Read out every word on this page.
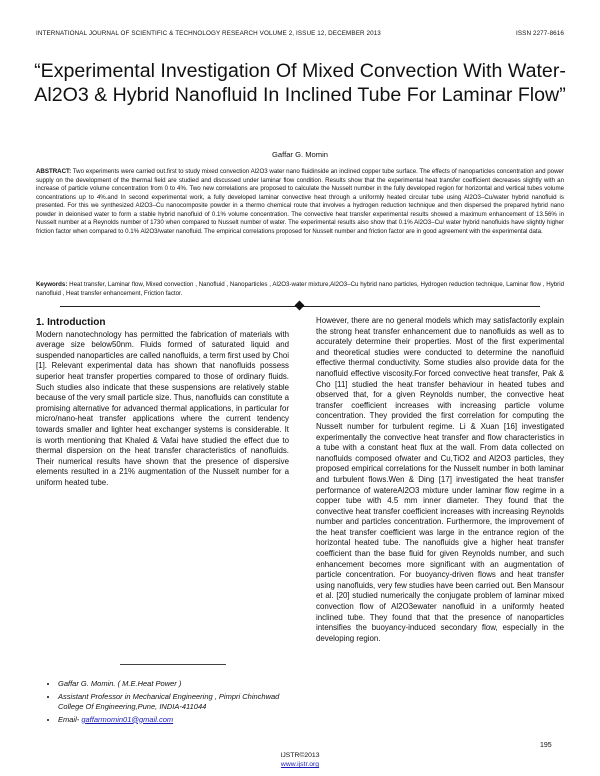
INTERNATIONAL JOURNAL OF SCIENTIFIC & TECHNOLOGY RESEARCH VOLUME 2, ISSUE 12, DECEMBER 2013	ISSN 2277-8616
“Experimental Investigation Of Mixed Convection With Water-Al2O3 & Hybrid Nanofluid In Inclined Tube For Laminar Flow”
Gaffar G. Momin
ABSTRACT: Two experiments were carried out.first to study mixed convection Al2O3 water nano fluidinside an inclined copper tube surface. The effects of nanoparticles concentration and power supply on the development of the thermal field are studied and discussed under laminar flow condition. Results show that the experimental heat transfer coefficient decreases slightly with an increase of particle volume concentration from 0 to 4%. Two new correlations are proposed to calculate the Nusselt number in the fully developed region for horizontal and vertical tubes volume concentrations up to 4%.and In second experimental work, a fully developed laminar convective heat through a uniformly heated circular tube using Al2O3–Cu/water hybrid nanofluid is presented. For this we synthesized Al2O3–Cu nanocomposite powder in a thermo chemical route that involves a hydrogen reduction technique and then dispersed the prepared hybrid nano powder in deionised water to form a stable hybrid nanofluid of 0.1% volume concentration. The convective heat transfer experimental results showed a maximum enhancement of 13.56% in Nusselt number at a Reynolds number of 1730 when compared to Nusselt number of water. The experimental results also show that 0.1% Al2O3–Cu/ water hybrid nanofluids have slightly higher friction factor when compared to 0.1% Al2O3/water nanofluid. The empirical correlations proposed for Nusselt number and friction factor are in good agreement with the experimental data.
Keywords: Heat transfer, Laminar flow, Mixed convection , Nanofluid , Nanoparticles , Al2O3-water mixture,Al2O3–Cu hybrid nano particles, Hydrogen reduction technique, Laminar flow , Hybrid nanofluid , Heat transfer enhancement, Friction factor.
1. Introduction
Modern nanotechnology has permitted the fabrication of materials with average size below50nm. Fluids formed of saturated liquid and suspended nanoparticles are called nanofluids, a term first used by Choi [1]. Relevant experimental data has shown that nanofluids possess superior heat transfer properties compared to those of ordinary fluids. Such studies also indicate that these suspensions are relatively stable because of the very small particle size. Thus, nanofluids can constitute a promising alternative for advanced thermal applications, in particular for micro/nano-heat transfer applications where the current tendency towards smaller and lighter heat exchanger systems is considerable. It is worth mentioning that Khaled & Vafai have studied the effect due to thermal dispersion on the heat transfer characteristics of nanofluids. Their numerical results have shown that the presence of dispersive elements resulted in a 21% augmentation of the Nusselt number for a uniform heated tube.
However, there are no general models which may satisfactorily explain the strong heat transfer enhancement due to nanofluids as well as to accurately determine their properties. Most of the first experimental and theoretical studies were conducted to determine the nanofluid effective thermal conductivity. Some studies also provide data for the nanofluid effective viscosity.For forced convective heat transfer, Pak & Cho [11] studied the heat transfer behaviour in heated tubes and observed that, for a given Reynolds number, the convective heat transfer coefficient increases with increasing particle volume concentration. They provided the first correlation for computing the Nusselt number for turbulent regime. Li & Xuan [16] investigated experimentally the convective heat transfer and flow characteristics in a tube with a constant heat flux at the wall. From data collected on nanofluids composed ofwater and Cu,TiO2 and Al2O3 particles, they proposed empirical correlations for the Nusselt number in both laminar and turbulent flows.Wen & Ding [17] investigated the heat transfer performance of watereAl2O3 mixture under laminar flow regime in a copper tube with 4.5 mm inner diameter. They found that the convective heat transfer coefficient increases with increasing Reynolds number and particles concentration. Furthermore, the improvement of the heat transfer coefficient was large in the entrance region of the horizontal heated tube. The nanofluids give a higher heat transfer coefficient than the base fluid for given Reynolds number, and such enhancement becomes more significant with an augmentation of particle concentration. For buoyancy-driven flows and heat transfer using nanofluids, very few studies have been carried out. Ben Mansour et al. [20] studied numerically the conjugate problem of laminar mixed convection flow of Al2O3ewater nanofluid in a uniformly heated inclined tube. They found that that the presence of nanoparticles intensifies the buoyancy-induced secondary flow, especially in the developing region.
• Gaffar G. Momin. ( M.E.Heat Power )
• Assistant Professor in Mechanical Engineering , Pimpri Chinchwad College Of Engineering,Pune, INDIA-411044
• Email- gaffarmomin01@gmail.com
195
IJSTR©2013
www.ijstr.org
